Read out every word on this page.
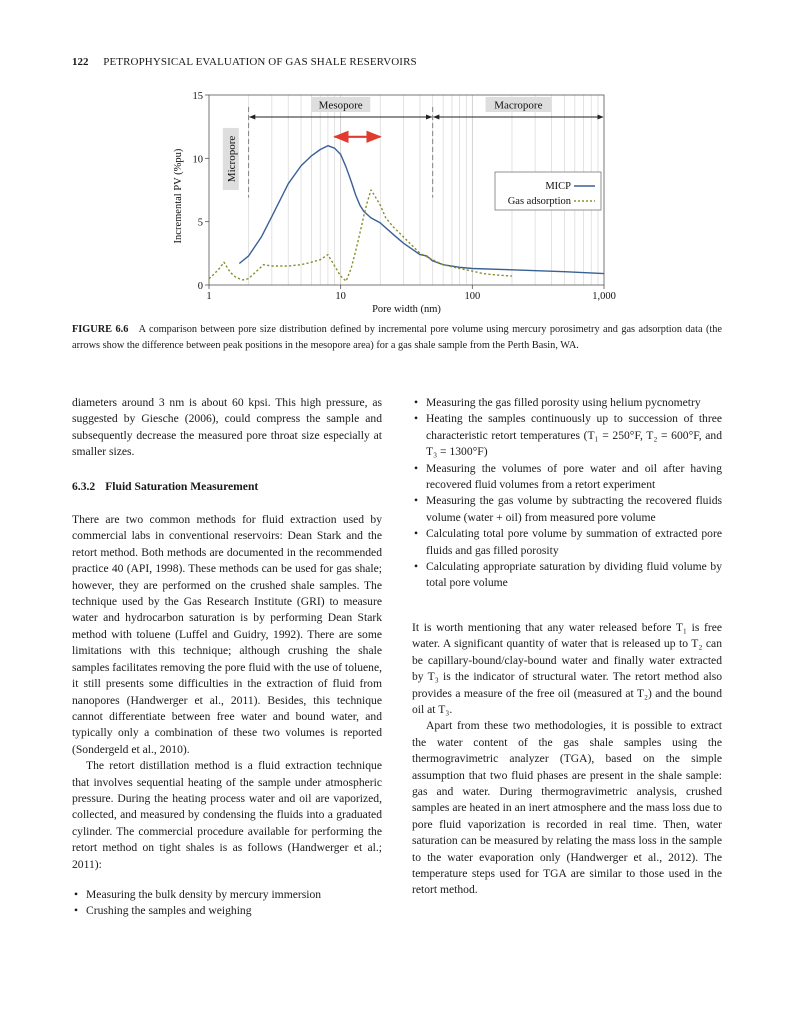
122 PETROPHYSICAL EVALUATION OF GAS SHALE RESERVOIRS
Mesopore	Macropore
Micropore
0
5
10
15
1	10	100	1,000
Pore width (nm)
Incremental PV (%pu)	MICP
Gas adsorption
FIGURE 6.6 A comparison between pore size distribution defined by incremental pore volume using mercury porosimetry and gas adsorption data (the arrows show the difference between peak positions in the mesopore area) for a gas shale sample from the Perth Basin, WA.

diameters around 3 nm is about 60 kpsi. This high pressure, as suggested by Giesche (2006), could compress the sample and subsequently decrease the measured pore throat size especially at smaller sizes.

6.3.2 Fluid Saturation Measurement

There are two common methods for fluid extraction used by commercial labs in conventional reservoirs: Dean Stark and the retort method. Both methods are documented in the recommended practice 40 (API, 1998). These methods can be used for gas shale; however, they are performed on the crushed shale samples. The technique used by the Gas Research Institute (GRI) to measure water and hydrocarbon saturation is by performing Dean Stark method with toluene (Luffel and Guidry, 1992). There are some limitations with this technique; although crushing the shale samples facilitates removing the pore fluid with the use of toluene, it still presents some difficulties in the extraction of fluid from nanopores (Handwerger et al., 2011). Besides, this technique cannot differentiate between free water and bound water, and typically only a combination of these two volumes is reported (Sondergeld et al., 2010).

The retort distillation method is a fluid extraction technique that involves sequential heating of the sample under atmospheric pressure. During the heating process water and oil are vaporized, collected, and measured by condensing the fluids into a graduated cylinder. The commercial procedure available for performing the retort method on tight shales is as follows (Handwerger et al.; 2011):

• Measuring the bulk density by mercury immersion
• Crushing the samples and weighing
• Measuring the gas filled porosity using helium pycnometry
• Heating the samples continuously up to succession of three characteristic retort temperatures (T₁ = 250°F, T₂ = 600°F, and T₃ = 1300°F)
• Measuring the volumes of pore water and oil after having recovered fluid volumes from a retort experiment
• Measuring the gas volume by subtracting the recovered fluids volume (water + oil) from measured pore volume
• Calculating total pore volume by summation of extracted pore fluids and gas filled porosity
• Calculating appropriate saturation by dividing fluid volume by total pore volume

It is worth mentioning that any water released before T₁ is free water. A significant quantity of water that is released up to T₂ can be capillary-bound/clay-bound water and finally water extracted by T₃ is the indicator of structural water. The retort method also provides a measure of the free oil (measured at T₂) and the bound oil at T₃.

Apart from these two methodologies, it is possible to extract the water content of the gas shale samples using the thermogravimetric analyzer (TGA), based on the simple assumption that two fluid phases are present in the shale sample: gas and water. During thermogravimetric analysis, crushed samples are heated in an inert atmosphere and the mass loss due to pore fluid vaporization is recorded in real time. Then, water saturation can be measured by relating the mass loss in the sample to the water evaporation only (Handwerger et al., 2012). The temperature steps used for TGA are similar to those used in the retort method.
